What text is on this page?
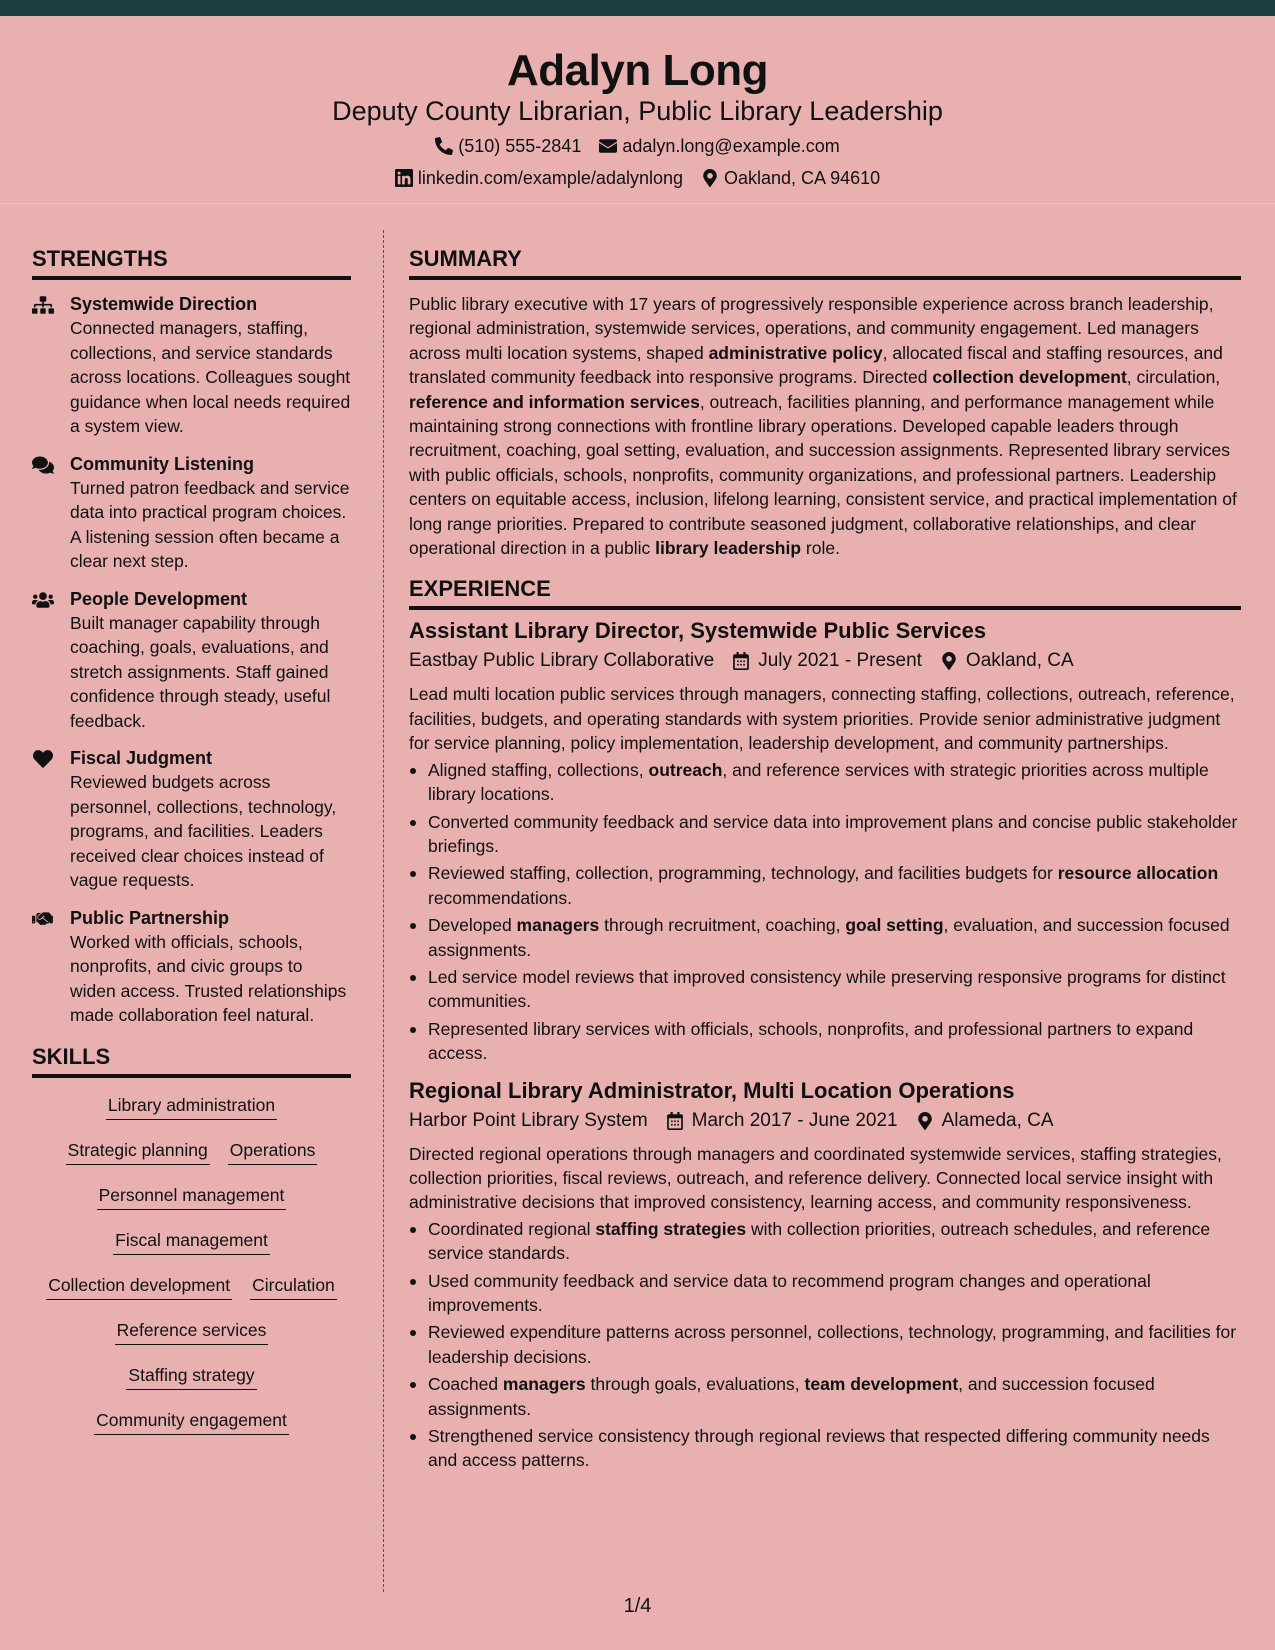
Adalyn Long
Deputy County Librarian, Public Library Leadership
(510) 555-2841 adalyn.long@example.com
linkedin.com/example/adalynlong Oakland, CA 94610
STRENGTHS
Systemwide Direction
Connected managers, staffing, collections, and service standards across locations. Colleagues sought guidance when local needs required a system view.
Community Listening
Turned patron feedback and service data into practical program choices. A listening session often became a clear next step.
People Development
Built manager capability through coaching, goals, evaluations, and stretch assignments. Staff gained confidence through steady, useful feedback.
Fiscal Judgment
Reviewed budgets across personnel, collections, technology, programs, and facilities. Leaders received clear choices instead of vague requests.
Public Partnership
Worked with officials, schools, nonprofits, and civic groups to widen access. Trusted relationships made collaboration feel natural.
SKILLS
Library administration
Strategic planning Operations
Personnel management
Fiscal management
Collection development Circulation
Reference services
Staffing strategy
Community engagement
SUMMARY

Public library executive with 17 years of progressively responsible experience across branch leadership, regional administration, systemwide services, operations, and community engagement. Led managers across multi location systems, shaped administrative policy, allocated fiscal and staffing resources, and translated community feedback into responsive programs. Directed collection development, circulation, reference and information services, outreach, facilities planning, and performance management while maintaining strong connections with frontline library operations. Developed capable leaders through recruitment, coaching, goal setting, evaluation, and succession assignments. Represented library services with public officials, schools, nonprofits, community organizations, and professional partners. Leadership centers on equitable access, inclusion, lifelong learning, consistent service, and practical implementation of long range priorities. Prepared to contribute seasoned judgment, collaborative relationships, and clear operational direction in a public library leadership role.

EXPERIENCE
Assistant Library Director, Systemwide Public Services
Eastbay Public Library Collaborative July 2021 - Present Oakland, CA

Lead multi location public services through managers, connecting staffing, collections, outreach, reference, facilities, budgets, and operating standards with system priorities. Provide senior administrative judgment for service planning, policy implementation, leadership development, and community partnerships.

Aligned staffing, collections, outreach, and reference services with strategic priorities across multiple library locations.
Converted community feedback and service data into improvement plans and concise public stakeholder briefings.
Reviewed staffing, collection, programming, technology, and facilities budgets for resource allocation recommendations.
Developed managers through recruitment, coaching, goal setting, evaluation, and succession focused assignments.
Led service model reviews that improved consistency while preserving responsive programs for distinct communities.
Represented library services with officials, schools, nonprofits, and professional partners to expand access.
Regional Library Administrator, Multi Location Operations
Harbor Point Library System March 2017 - June 2021 Alameda, CA

Directed regional operations through managers and coordinated systemwide services, staffing strategies, collection priorities, fiscal reviews, outreach, and reference delivery. Connected local service insight with administrative decisions that improved consistency, learning access, and community responsiveness.

Coordinated regional staffing strategies with collection priorities, outreach schedules, and reference service standards.
Used community feedback and service data to recommend program changes and operational improvements.
Reviewed expenditure patterns across personnel, collections, technology, programming, and facilities for leadership decisions.
Coached managers through goals, evaluations, team development, and succession focused assignments.
Strengthened service consistency through regional reviews that respected differing community needs and access patterns.
1/4
